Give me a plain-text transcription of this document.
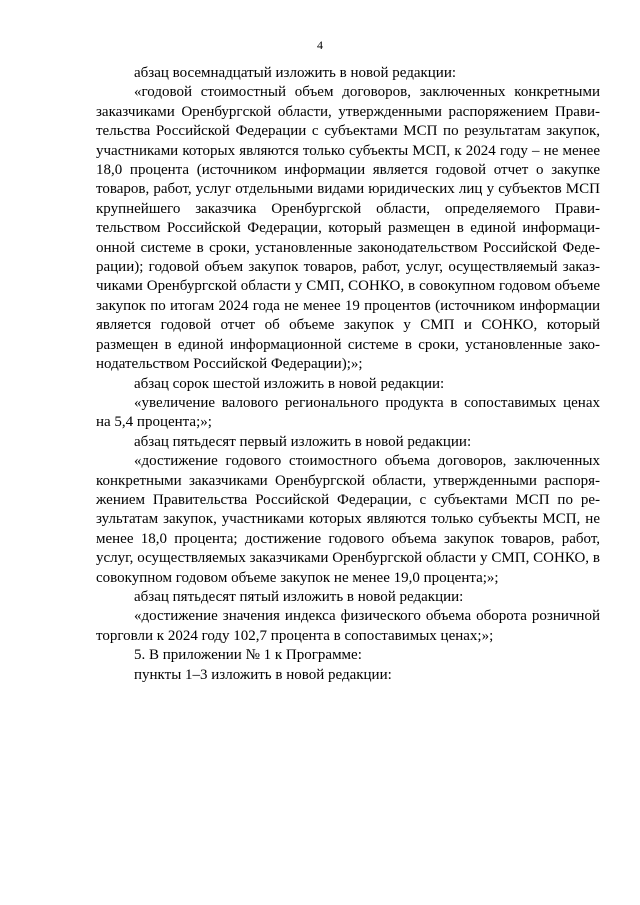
4

абзац восемнадцатый изложить в новой редакции:

«годовой стоимостный объем договоров, заключенных конкретными заказчиками Оренбургской области, утвержденными распоряжением Правительства Российской Федерации с субъектами МСП по результатам закупок, участниками которых являются только субъекты МСП, к 2024 году – не менее 18,0 процента (источником информации является годовой отчет о закупке товаров, работ, услуг отдельными видами юридических лиц у субъектов МСП крупнейшего заказчика Оренбургской области, определяемого Правительством Российской Федерации, который размещен в единой информационной системе в сроки, установленные законодательством Российской Федерации); годовой объем закупок товаров, работ, услуг, осуществляемый заказчиками Оренбургской области у СМП, СОНКО, в совокупном годовом объеме закупок по итогам 2024 года не менее 19 процентов (источником информации является годовой отчет об объеме закупок у СМП и СОНКО, который размещен в единой информационной системе в сроки, установленные законодательством Российской Федерации);»;

абзац сорок шестой изложить в новой редакции:

«увеличение валового регионального продукта в сопоставимых ценах на 5,4 процента;»;

абзац пятьдесят первый изложить в новой редакции:

«достижение годового стоимостного объема договоров, заключенных конкретными заказчиками Оренбургской области, утвержденными распоряжением Правительства Российской Федерации, с субъектами МСП по результатам закупок, участниками которых являются только субъекты МСП, не менее 18,0 процента; достижение годового объема закупок товаров, работ, услуг, осуществляемых заказчиками Оренбургской области у СМП, СОНКО, в совокупном годовом объеме закупок не менее 19,0 процента;»;

абзац пятьдесят пятый изложить в новой редакции:

«достижение значения индекса физического объема оборота розничной торговли к 2024 году 102,7 процента в сопоставимых ценах;»;

5. В приложении № 1 к Программе:

пункты 1–3 изложить в новой редакции:
